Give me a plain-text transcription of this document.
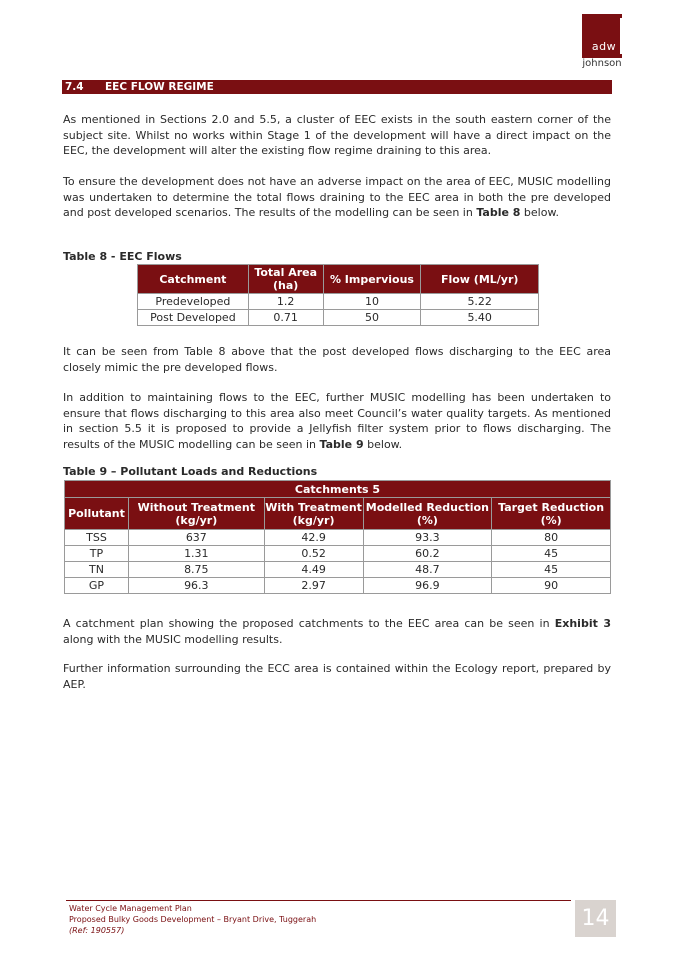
adw
johnson
7.4 EEC FLOW REGIME

As mentioned in Sections 2.0 and 5.5, a cluster of EEC exists in the south eastern corner of the subject site. Whilst no works within Stage 1 of the development will have a direct impact on the EEC, the development will alter the existing flow regime draining to this area.

To ensure the development does not have an adverse impact on the area of EEC, MUSIC modelling was undertaken to determine the total flows draining to the EEC area in both the pre developed and post developed scenarios. The results of the modelling can be seen in Table 8 below.

Table 8 - EEC Flows
Catchment	Total Area (ha)	% Impervious	Flow (ML/yr)
Predeveloped	1.2	10	5.22
Post Developed	0.71	50	5.40

It can be seen from Table 8 above that the post developed flows discharging to the EEC area closely mimic the pre developed flows.

In addition to maintaining flows to the EEC, further MUSIC modelling has been undertaken to ensure that flows discharging to this area also meet Council’s water quality targets. As mentioned in section 5.5 it is proposed to provide a Jellyfish filter system prior to flows discharging. The results of the MUSIC modelling can be seen in Table 9 below.

Table 9 – Pollutant Loads and Reductions
Catchments 5				
Pollutant	Without Treatment (kg/yr)	With Treatment (kg/yr)	Modelled Reduction (%)	Target Reduction (%)
TSS	637	42.9	93.3	80
TP	1.31	0.52	60.2	45
TN	8.75	4.49	48.7	45
GP	96.3	2.97	96.9	90

A catchment plan showing the proposed catchments to the EEC area can be seen in Exhibit 3 along with the MUSIC modelling results.

Further information surrounding the ECC area is contained within the Ecology report, prepared by AEP.

Water Cycle Management Plan
Proposed Bulky Goods Development – Bryant Drive, Tuggerah
(Ref: 190557)	14
